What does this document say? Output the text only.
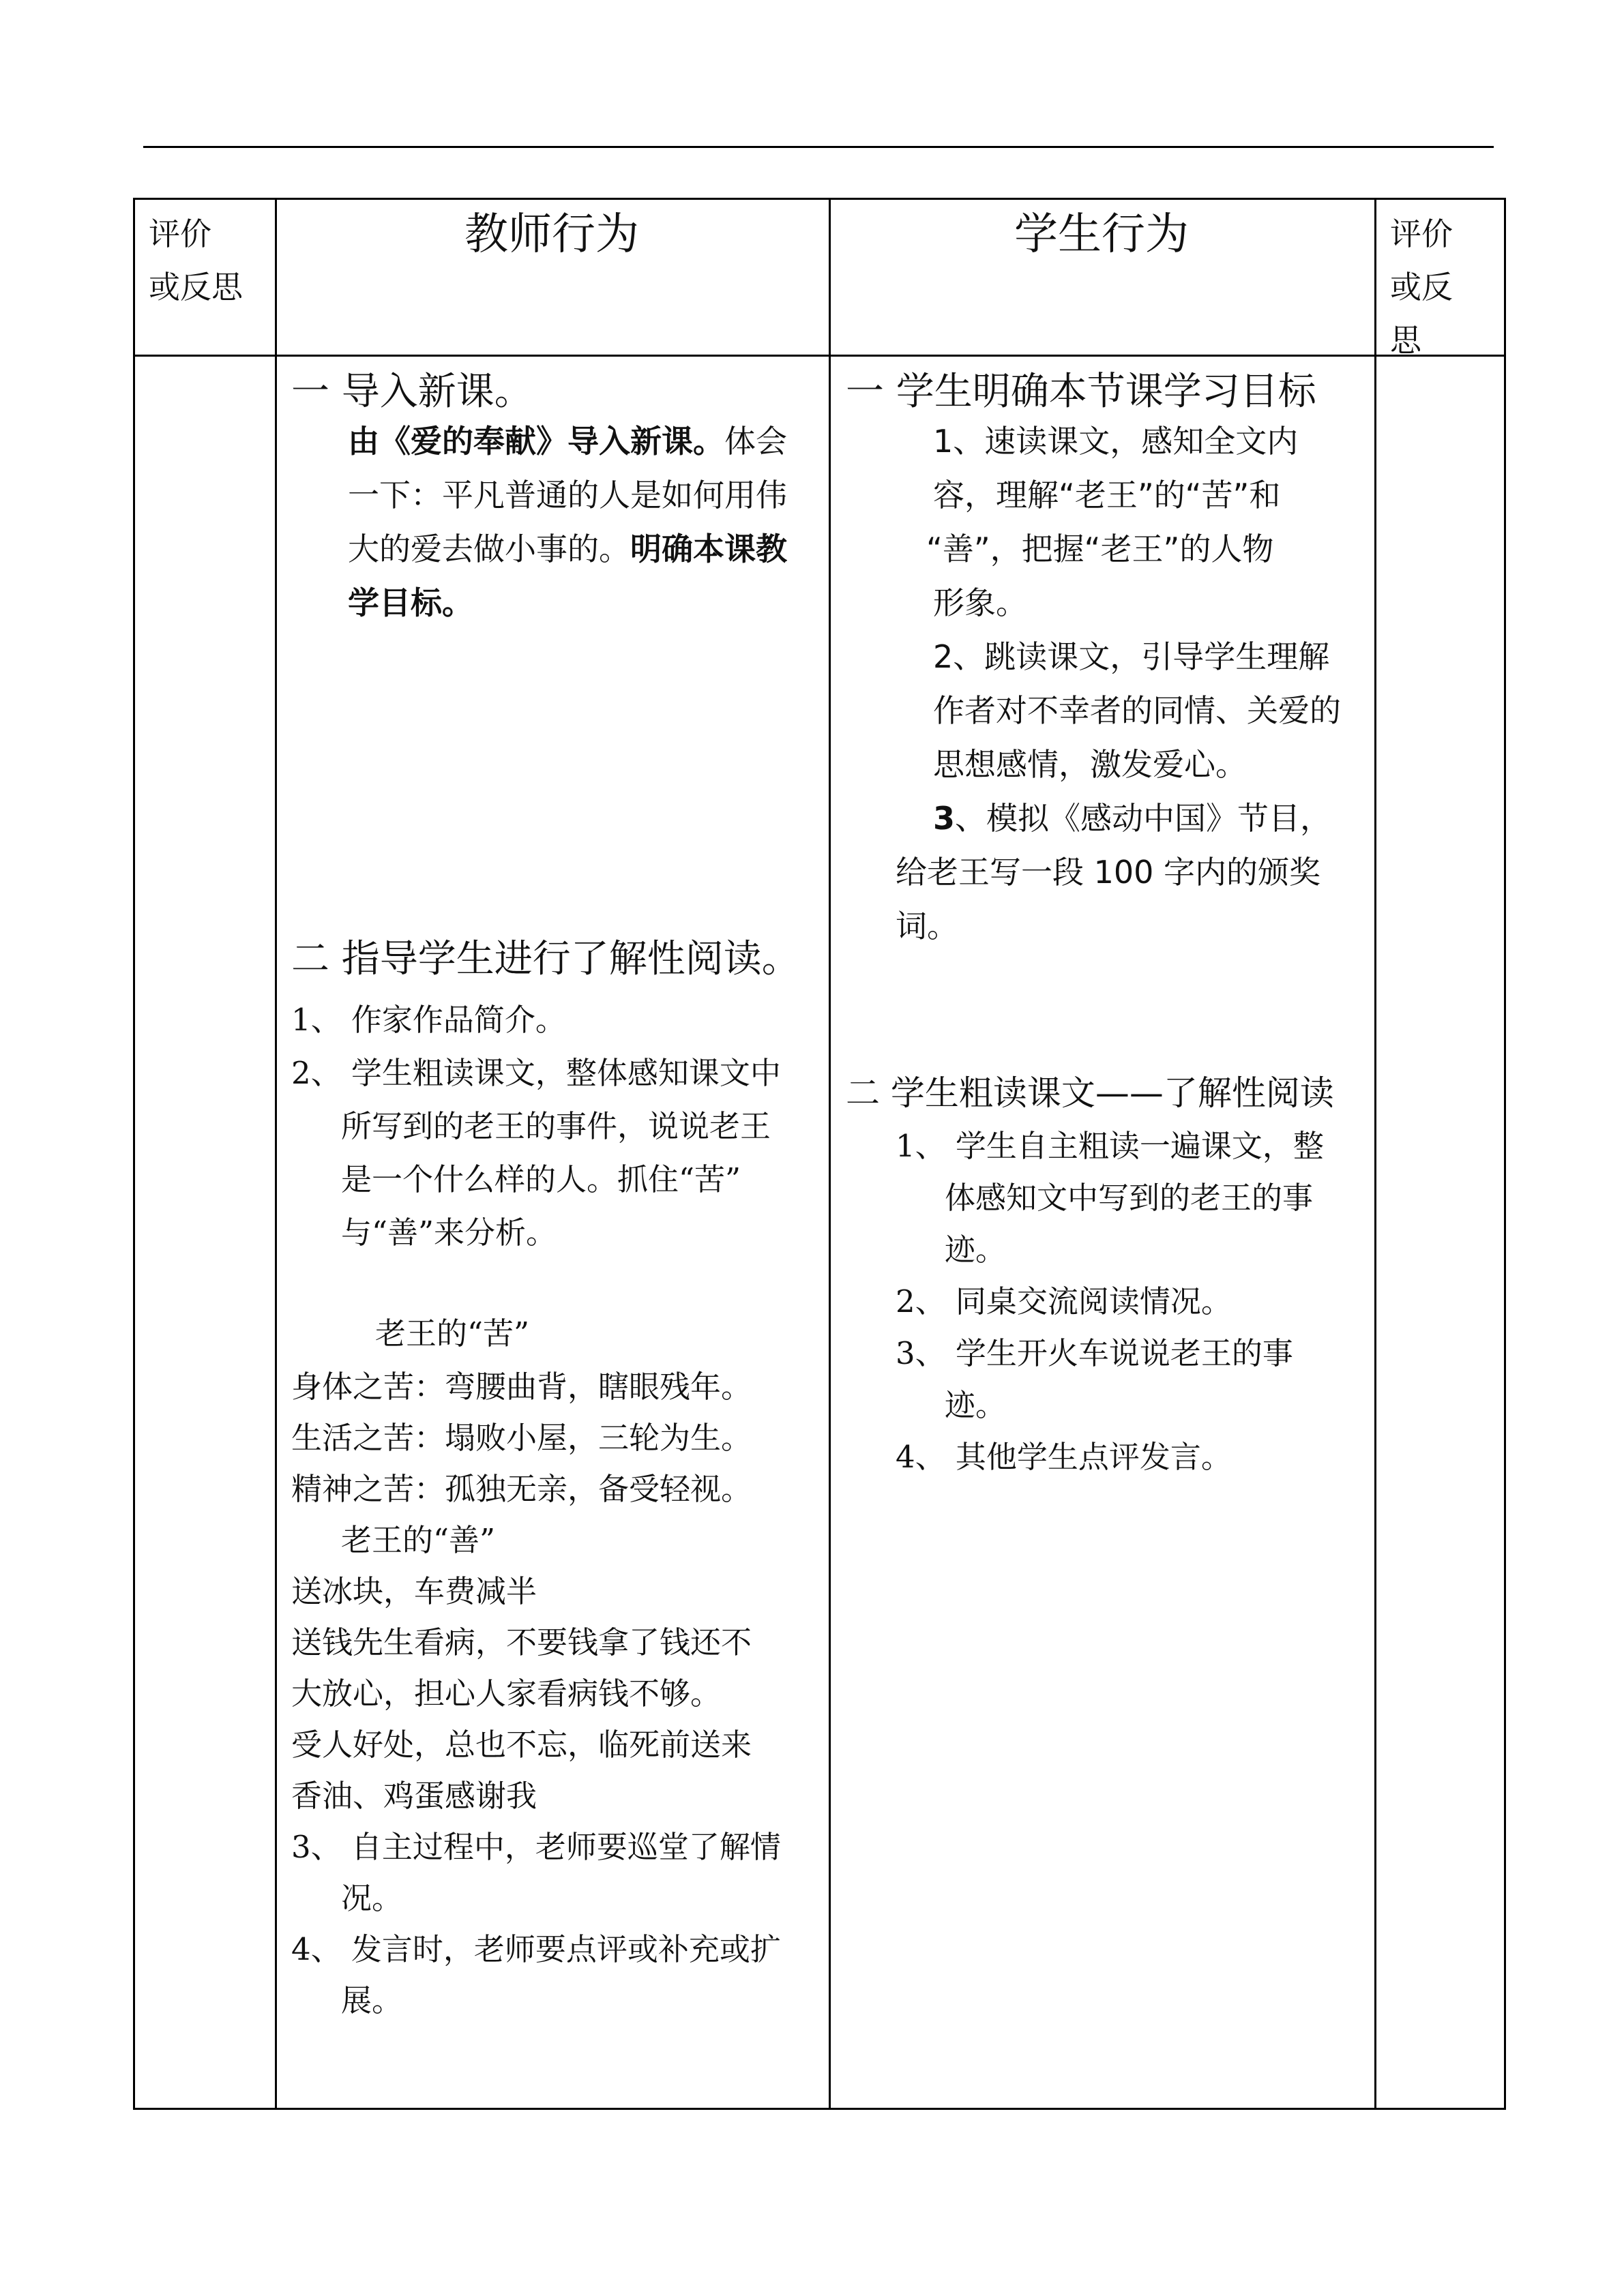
评价
或反思
教师行为	学生行为	评价
或反
思
一 导入新课。
由《爱的奉献》导入新课。体会
一下：平凡普通的人是如何用伟
大的爱去做小事的。明确本课教
学目标。
二 指导学生进行了解性阅读。
1、 作家作品简介。
2、 学生粗读课文，整体感知课文中
所写到的老王的事件，说说老王
是一个什么样的人。抓住“苦”
与“善”来分析。
老王的“苦”
身体之苦：弯腰曲背，瞎眼残年。
生活之苦：塌败小屋，三轮为生。
精神之苦：孤独无亲，备受轻视。
老王的“善”
送冰块，车费减半
送钱先生看病，不要钱拿了钱还不
大放心，担心人家看病钱不够。
受人好处，总也不忘，临死前送来
香油、鸡蛋感谢我
3、 自主过程中，老师要巡堂了解情
况。
4、 发言时，老师要点评或补充或扩
展。
一 学生明确本节课学习目标
1、速读课文，感知全文内
容，理解“老王”的“苦”和
“善”，把握“老王”的人物
形象。
2、跳读课文，引导学生理解
作者对不幸者的同情、关爱的
思想感情，激发爱心。
3、模拟《感动中国》节目，
给老王写一段 100 字内的颁奖
词。
二 学生粗读课文——了解性阅读
1、 学生自主粗读一遍课文，整
体感知文中写到的老王的事
迹。
2、 同桌交流阅读情况。
3、 学生开火车说说老王的事
迹。
4、 其他学生点评发言。
